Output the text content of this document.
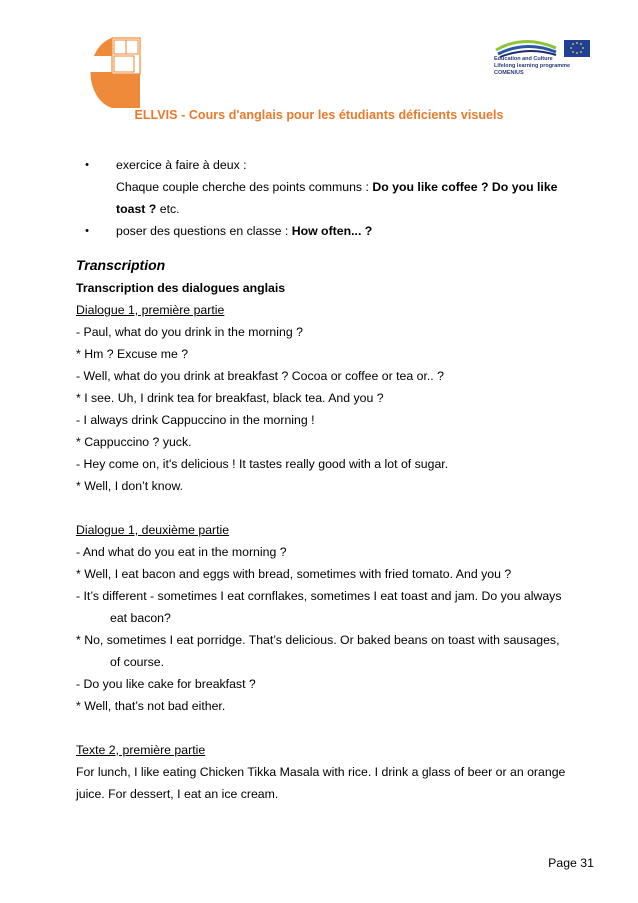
Education and Culture
Lifelong learning programme
COMENIUS
ELLVIS - Cours d'anglais pour les étudiants déficients visuels
• exercice à faire à deux :
Chaque couple cherche des points communs : Do you like coffee ? Do you like
toast ? etc.
• poser des questions en classe : How often... ?
Transcription
Transcription des dialogues anglais
Dialogue 1, première partie
- Paul, what do you drink in the morning ?
* Hm ? Excuse me ?
- Well, what do you drink at breakfast ? Cocoa or coffee or tea or.. ?
* I see. Uh, I drink tea for breakfast, black tea. And you ?
- I always drink Cappuccino in the morning !
* Cappuccino ? yuck.
- Hey come on, it's delicious ! It tastes really good with a lot of sugar.
* Well, I don’t know.
Dialogue 1, deuxième partie
- And what do you eat in the morning ?
* Well, I eat bacon and eggs with bread, sometimes with fried tomato. And you ?
- It’s different - sometimes I eat cornflakes, sometimes I eat toast and jam. Do you always
eat bacon?
* No, sometimes I eat porridge. That’s delicious. Or baked beans on toast with sausages,
of course.
- Do you like cake for breakfast ?
* Well, that’s not bad either.
Texte 2, première partie
For lunch, I like eating Chicken Tikka Masala with rice. I drink a glass of beer or an orange
juice. For dessert, I eat an ice cream.
Page 31
